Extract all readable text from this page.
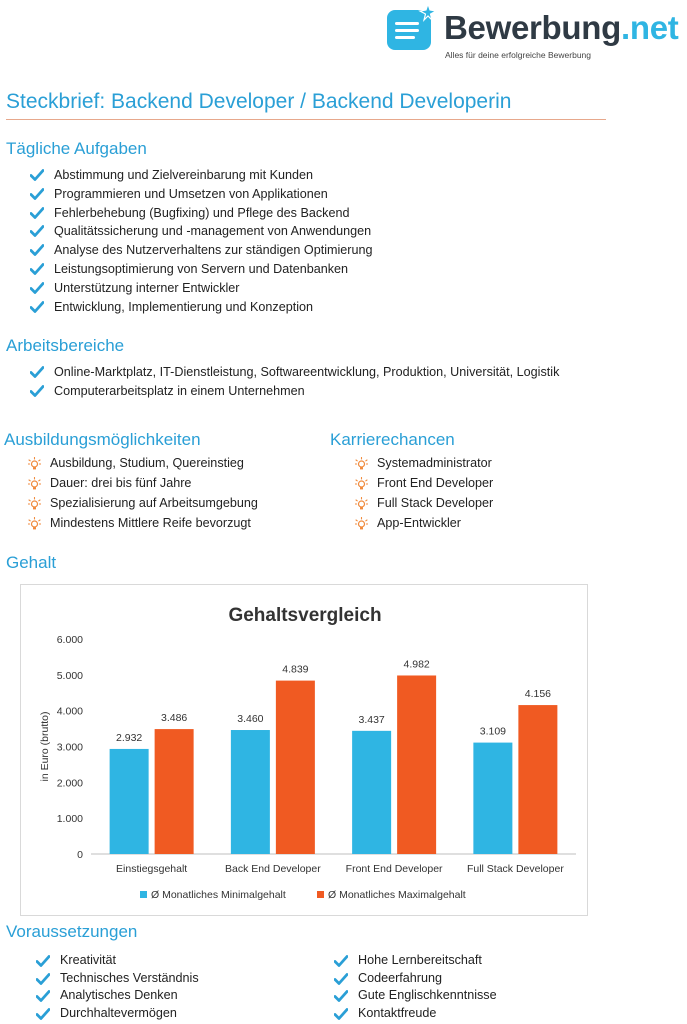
Bewerbung.net
Alles für deine erfolgreiche Bewerbung
Steckbrief: Backend Developer / Backend Developerin
Tägliche Aufgaben
Abstimmung und Zielvereinbarung mit Kunden
Programmieren und Umsetzen von Applikationen
Fehlerbehebung (Bugfixing) und Pflege des Backend
Qualitätssicherung und -management von Anwendungen
Analyse des Nutzerverhaltens zur ständigen Optimierung
Leistungsoptimierung von Servern und Datenbanken
Unterstützung interner Entwickler
Entwicklung, Implementierung und Konzeption
Arbeitsbereiche
Online-Marktplatz, IT-Dienstleistung, Softwareentwicklung, Produktion, Universität, Logistik
Computerarbeitsplatz in einem Unternehmen
Ausbildungsmöglichkeiten
Ausbildung, Studium, Quereinstieg
Dauer: drei bis fünf Jahre
Spezialisierung auf Arbeitsumgebung
Mindestens Mittlere Reife bevorzugt
Karrierechancen
Systemadministrator
Front End Developer
Full Stack Developer
App-Entwickler
Gehalt
Gehaltsvergleich
0
1.000
2.000
3.000
4.000
5.000
6.000
in Euro (brutto)
Einstiegsgehalt
2.932
3.486
Back End Developer
3.460
4.839
Front End Developer
3.437
4.982
Full Stack Developer
3.109
4.156
Ø Monatliches Minimalgehalt	Ø Monatliches Maximalgehalt
Voraussetzungen
Kreativität
Technisches Verständnis
Analytisches Denken
Durchhaltevermögen
Hohe Lernbereitschaft
Codeerfahrung
Gute Englischkenntnisse
Kontaktfreude
